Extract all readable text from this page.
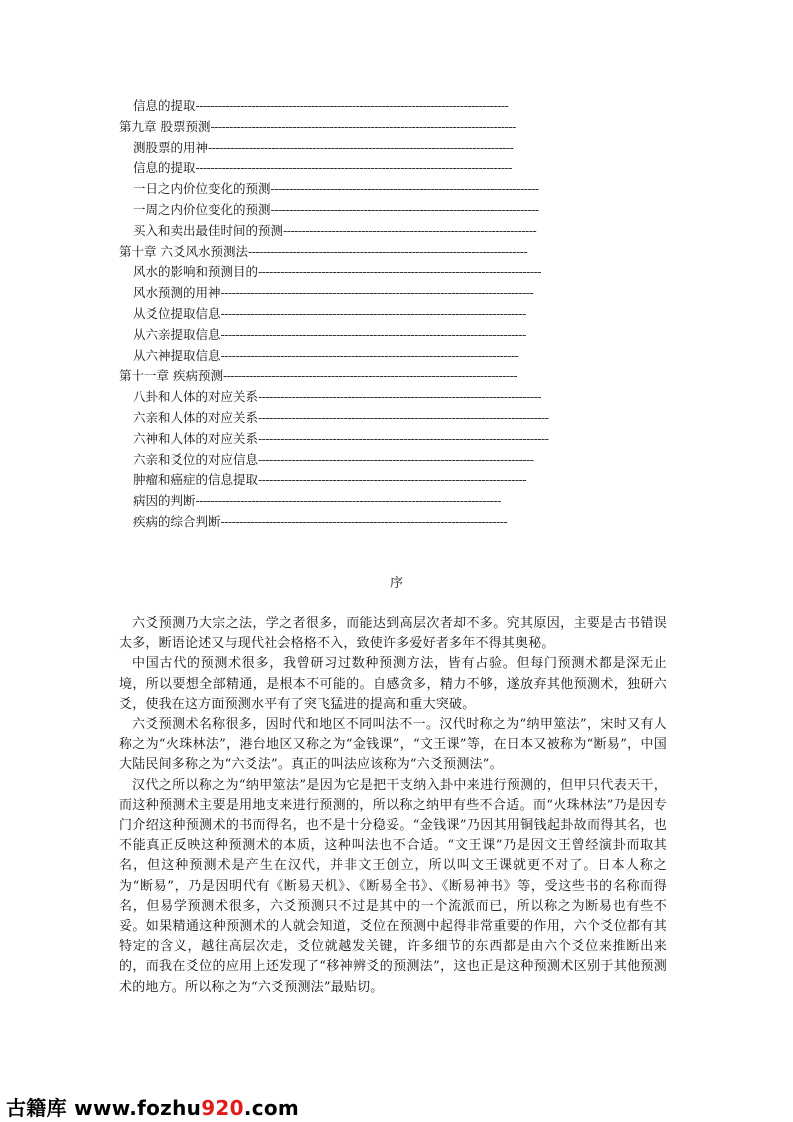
信息的提取------------------------------------------------------------------------------------
第九章 股票预测----------------------------------------------------------------------------------
测股票的用神----------------------------------------------------------------------------------
信息的提取-------------------------------------------------------------------------------------
一日之内价位变化的预测------------------------------------------------------------------------
一周之内价位变化的预测------------------------------------------------------------------------
买入和卖出最佳时间的预测--------------------------------------------------------------------
第十章 六爻风水预测法---------------------------------------------------------------------------
风水的影响和预测目的----------------------------------------------------------------------------
风水预测的用神------------------------------------------------------------------------------------
从爻位提取信息----------------------------------------------------------------------------------
从六亲提取信息----------------------------------------------------------------------------------
从六神提取信息--------------------------------------------------------------------------------
第十一章 疾病预测-------------------------------------------------------------------------------
八卦和人体的对应关系----------------------------------------------------------------------------
六亲和人体的对应关系------------------------------------------------------------------------------
六神和人体的对应关系------------------------------------------------------------------------------
六亲和爻位的对应信息--------------------------------------------------------------------------
肿瘤和癌症的信息提取------------------------------------------------------------------------
病因的判断----------------------------------------------------------------------------------
疾病的综合判断-----------------------------------------------------------------------------
序

六爻预测乃大宗之法，学之者很多，而能达到高层次者却不多。究其原因，主要是古书错误太多，断语论述又与现代社会格格不入，致使许多爱好者多年不得其奥秘。

中国古代的预测术很多，我曾研习过数种预测方法，皆有占验。但每门预测术都是深无止境，所以要想全部精通，是根本不可能的。自感贪多，精力不够，遂放弃其他预测术，独研六爻，使我在这方面预测水平有了突飞猛进的提高和重大突破。

六爻预测术名称很多，因时代和地区不同叫法不一。汉代时称之为“纳甲筮法”，宋时又有人称之为“火珠林法”，港台地区又称之为“金钱课”，“文王课”等，在日本又被称为“断易”，中国大陆民间多称之为“六爻法”。真正的叫法应该称为“六爻预测法”。

汉代之所以称之为“纳甲筮法”是因为它是把干支纳入卦中来进行预测的，但甲只代表天干，而这种预测术主要是用地支来进行预测的，所以称之纳甲有些不合适。而“火珠林法”乃是因专门介绍这种预测术的书而得名，也不是十分稳妥。“金钱课”乃因其用铜钱起卦故而得其名，也不能真正反映这种预测术的本质，这种叫法也不合适。“文王课”乃是因文王曾经演卦而取其名，但这种预测术是产生在汉代，并非文王创立，所以叫文王课就更不对了。日本人称之为“断易”，乃是因明代有《断易天机》、《断易全书》、《断易神书》等，受这些书的名称而得名，但易学预测术很多，六爻预测只不过是其中的一个流派而已，所以称之为断易也有些不妥。如果精通这种预测术的人就会知道，爻位在预测中起得非常重要的作用，六个爻位都有其特定的含义，越往高层次走，爻位就越发关键，许多细节的东西都是由六个爻位来推断出来的，而我在爻位的应用上还发现了“移神辨爻的预测法”，这也正是这种预测术区别于其他预测术的地方。所以称之为“六爻预测法”最贴切。

古籍库 www.fozhu920.com
